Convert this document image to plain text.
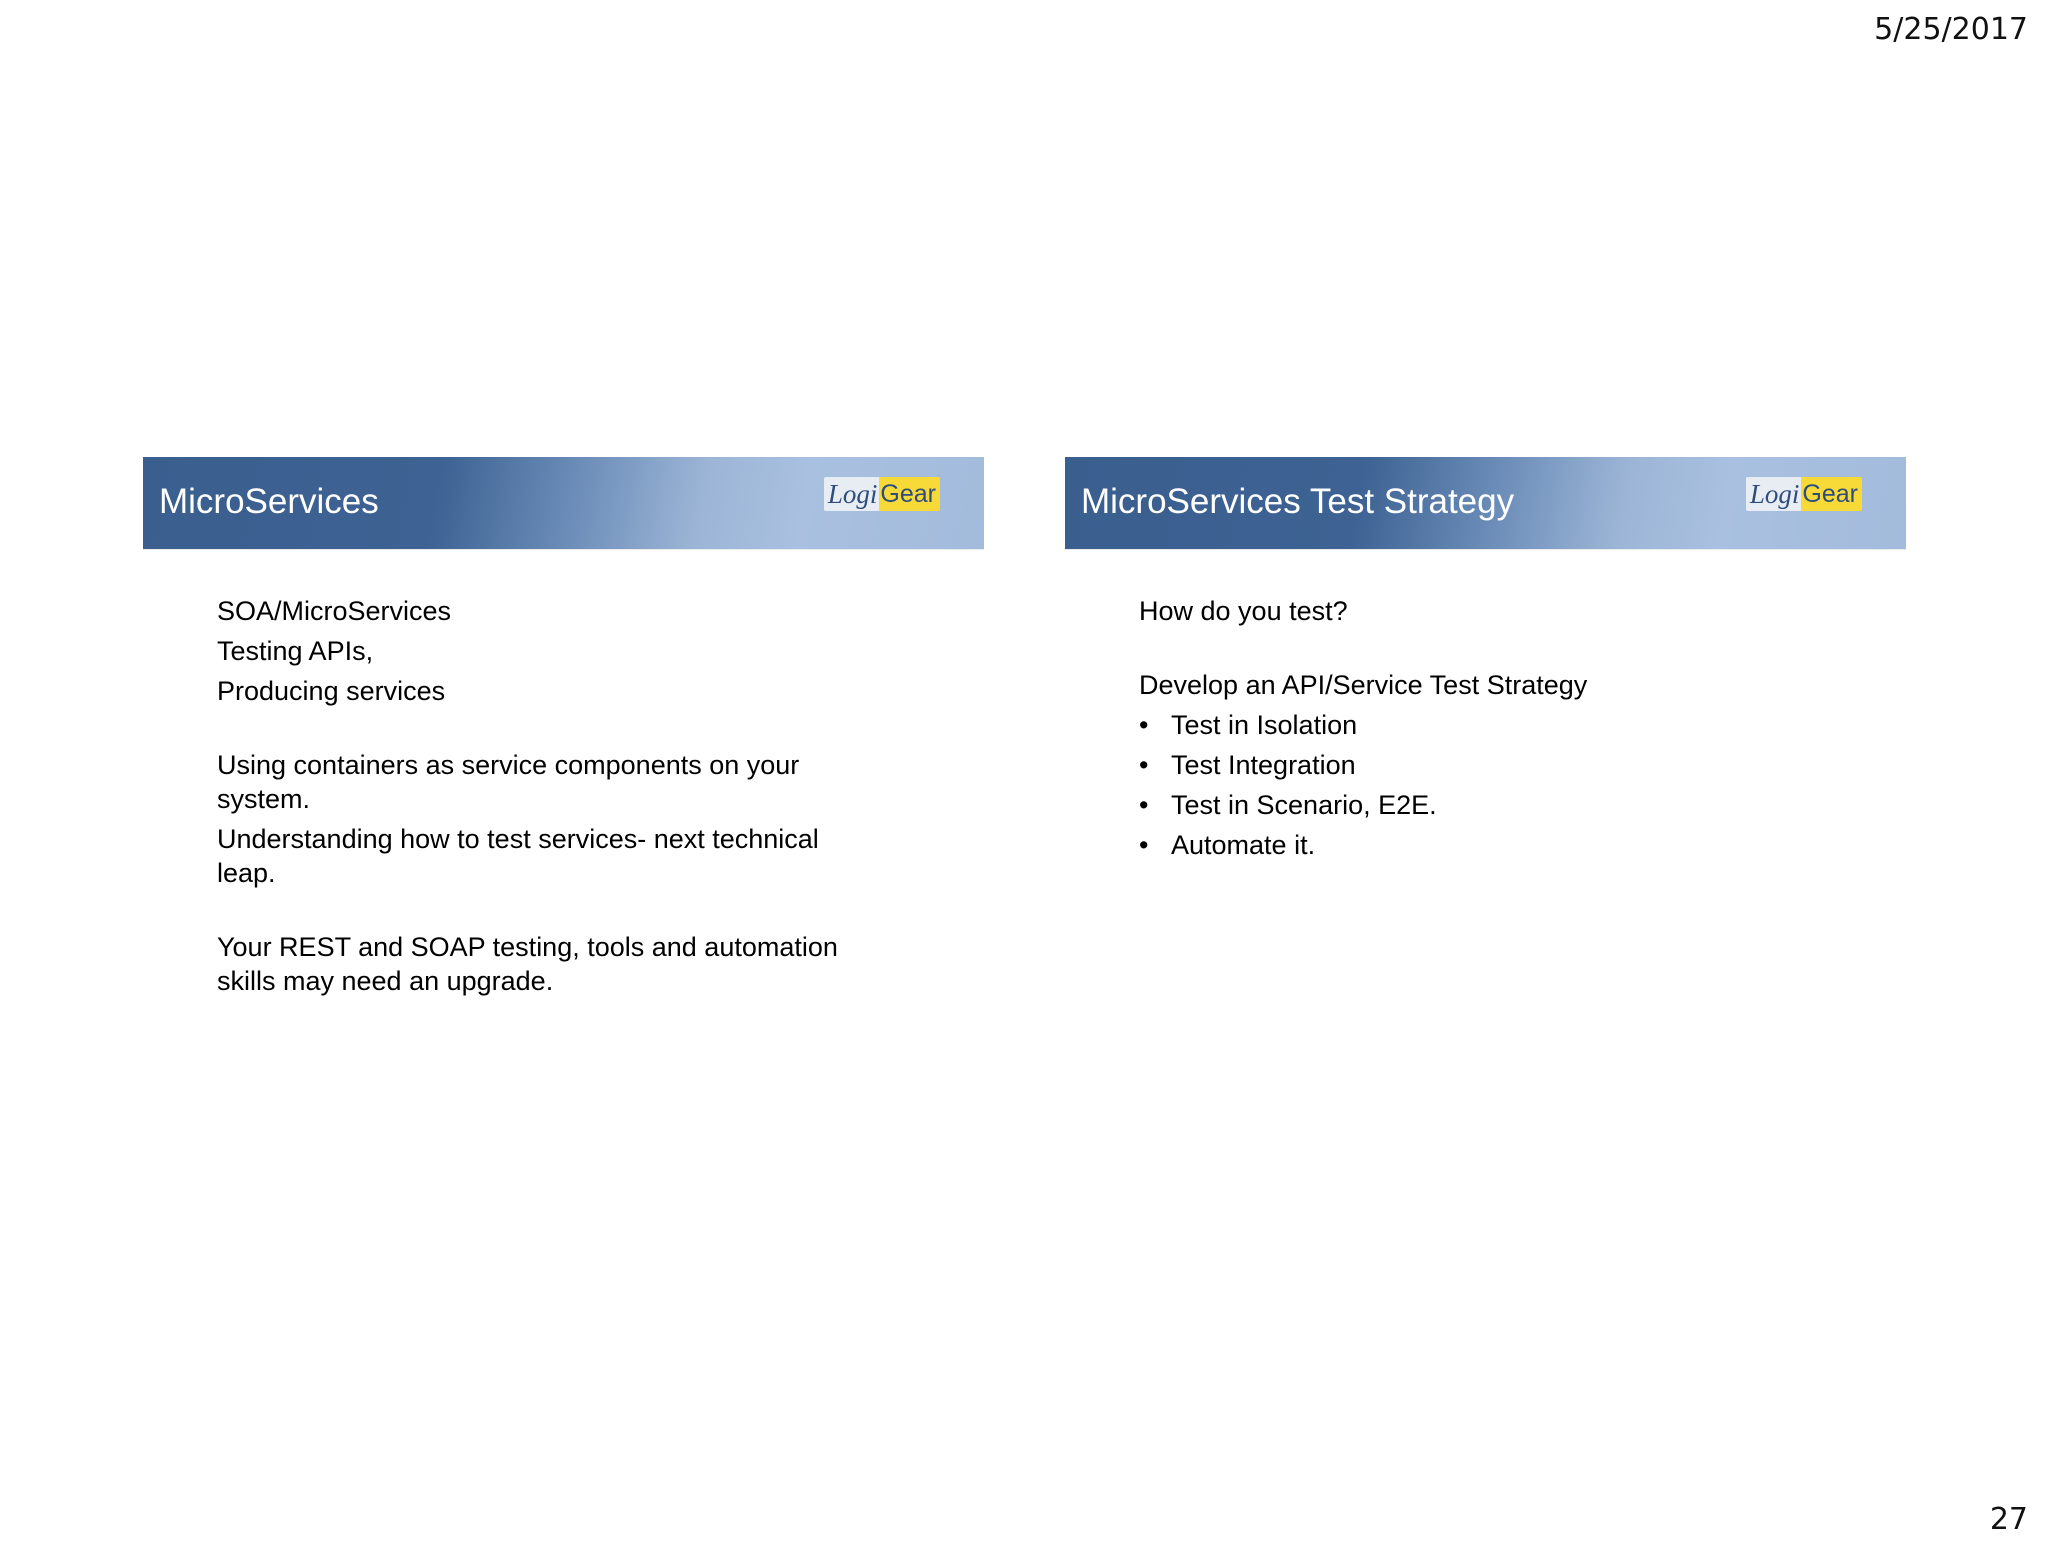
5/25/2017
MicroServices	Logi Gear
SOA/MicroServices
Testing APIs,
Producing services
Using containers as service components on your system.
Understanding how to test services- next technical leap.
Your REST and SOAP testing, tools and automation skills may need an upgrade.
MicroServices Test Strategy	Logi Gear
How do you test?
Develop an API/Service Test Strategy
• Test in Isolation
• Test Integration
• Test in Scenario, E2E.
• Automate it.
27
